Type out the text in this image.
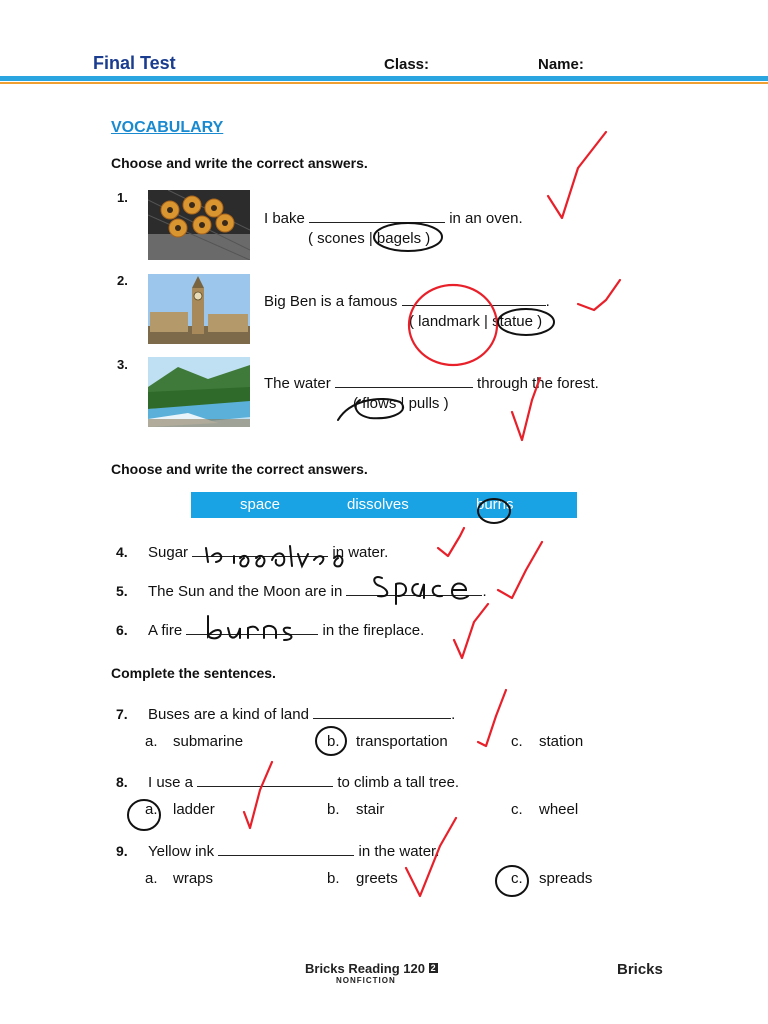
Final Test	Class:	Name:
VOCABULARY
Choose and write the correct answers.
1.
I bake	in an oven.
( scones | bagels )
2.
Big Ben is a famous	.
( landmark | statue )
3.
The water	through the forest.
( flows | pulls )
Choose and write the correct answers.
space	dissolves	burns
4. Sugar	in water.
5. The Sun and the Moon are in	.
6. A fire	in the fireplace.
Complete the sentences.
7. Buses are a kind of land	.
a. submarine	b. transportation	c. station
8. I use a	to climb a tall tree.
a. ladder	b. stair	c. wheel
9. Yellow ink	in the water.
a. wraps	b. greets	c. spreads
Bricks Reading 120 2
NONFICTION
Bricks
